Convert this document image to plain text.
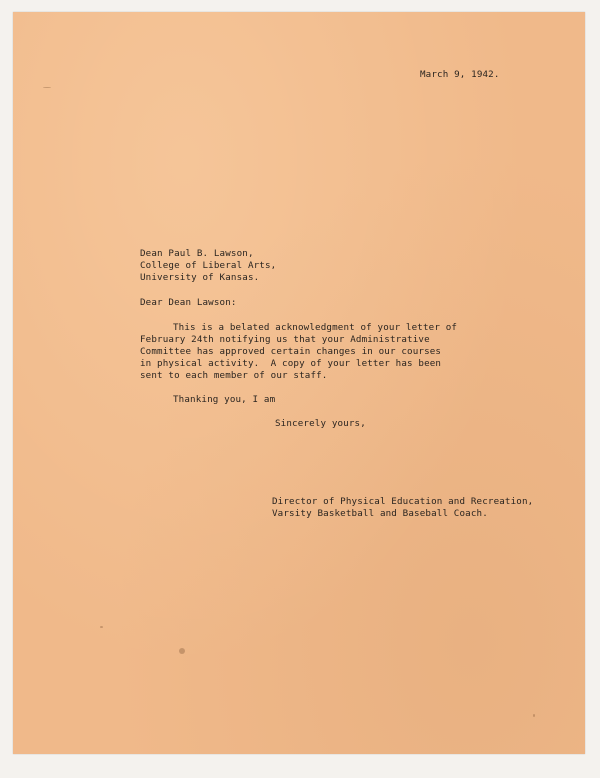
March 9, 1942.
Dean Paul B. Lawson,
College of Liberal Arts,
University of Kansas.
Dear Dean Lawson:
This is a belated acknowledgment of your letter of
February 24th notifying us that your Administrative
Committee has approved certain changes in our courses
in physical activity.  A copy of your letter has been
sent to each member of our staff.
Thanking you, I am
Sincerely yours,
Director of Physical Education and Recreation,
Varsity Basketball and Baseball Coach.
